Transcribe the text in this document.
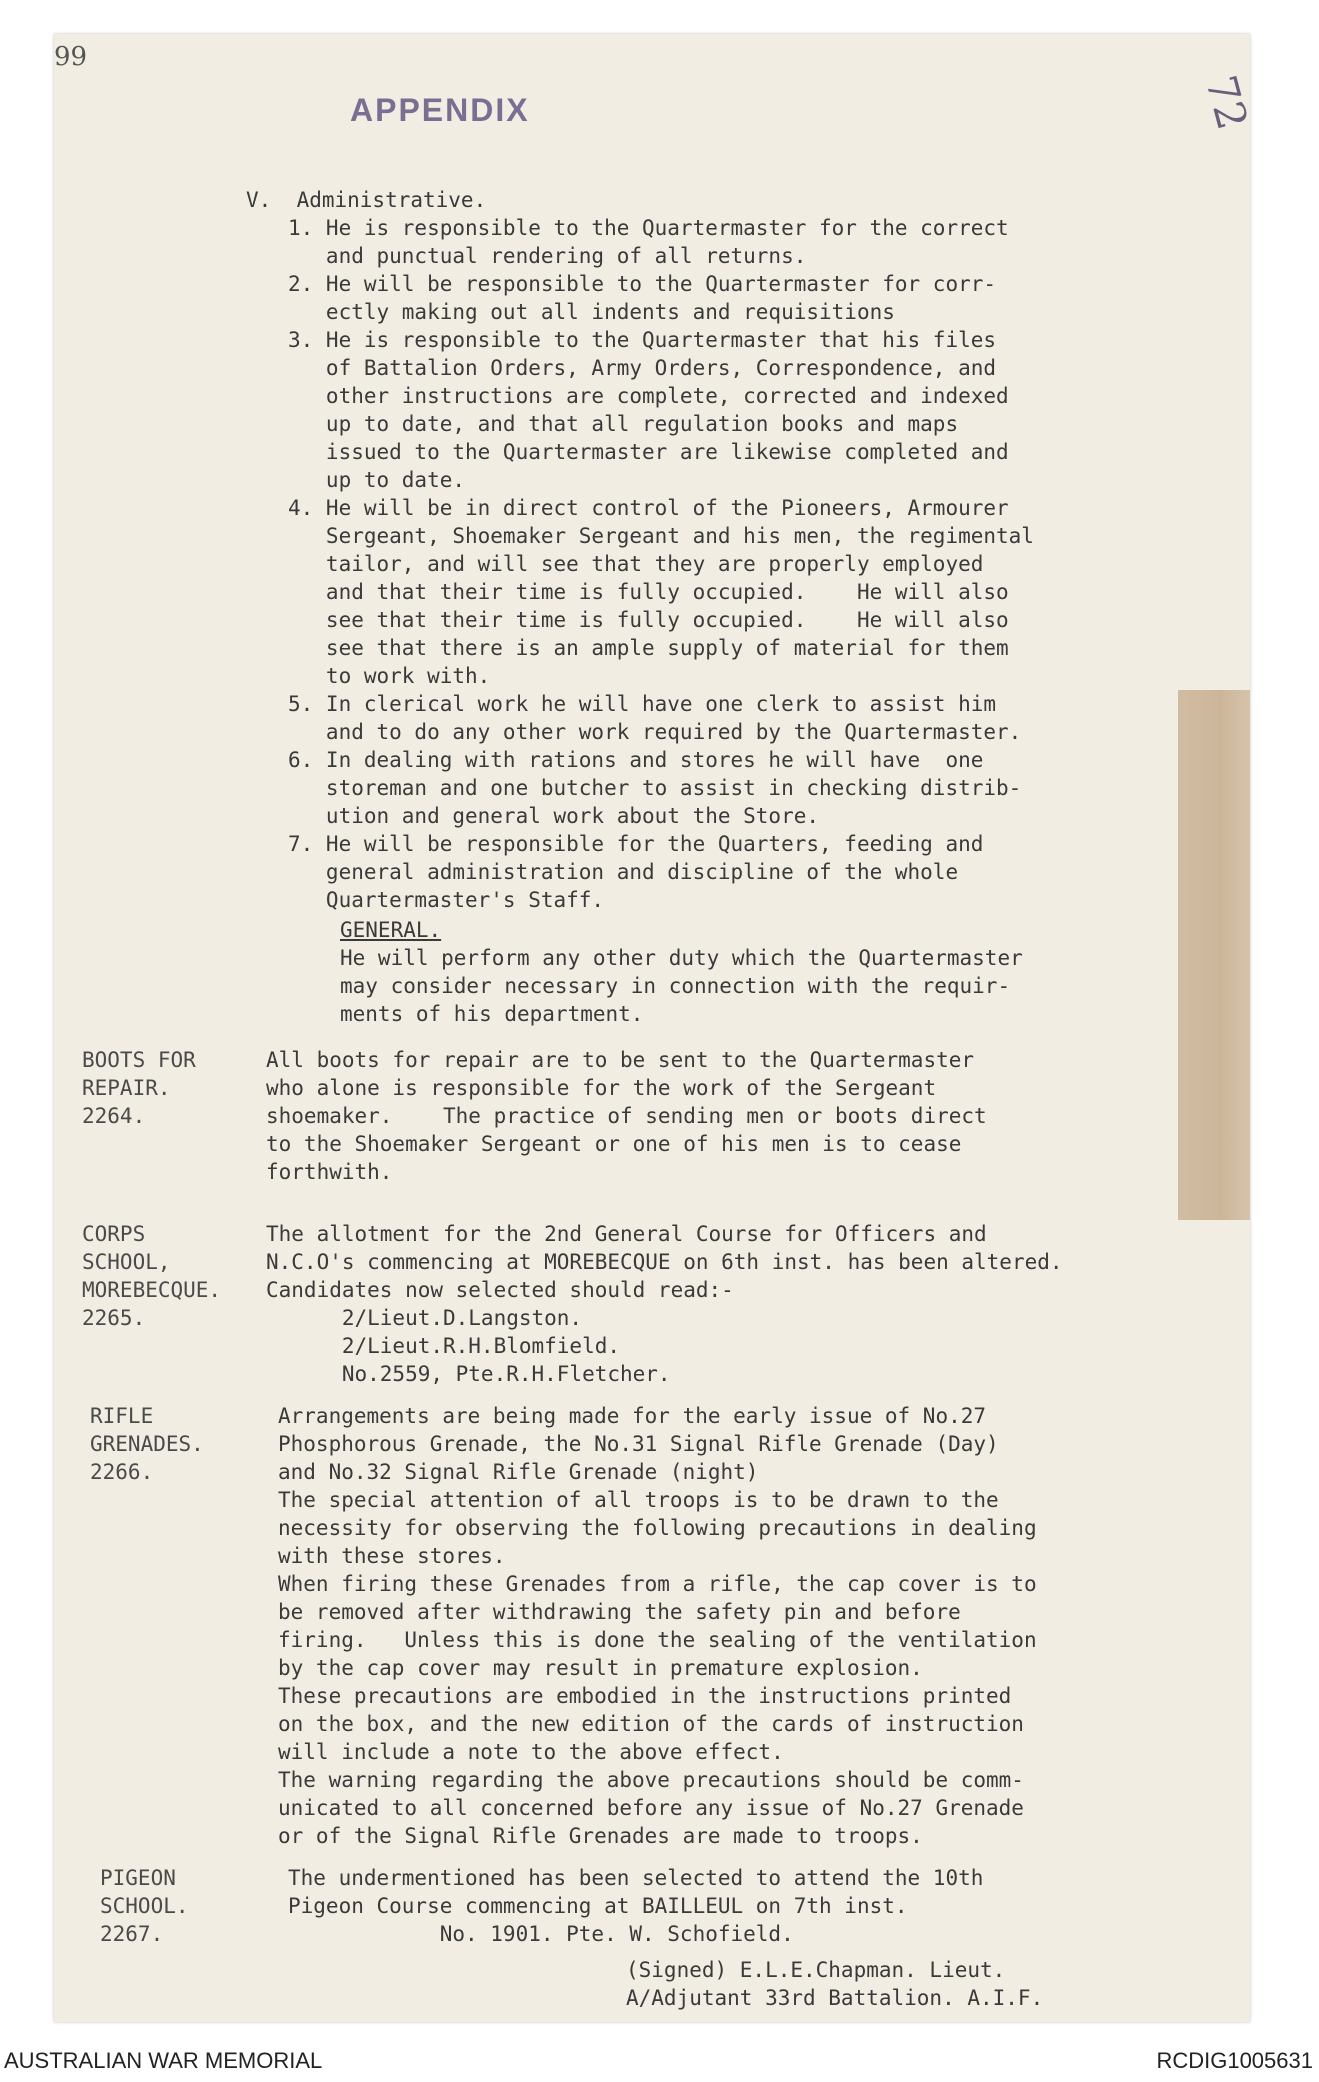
99
72
APPENDIX
V.  Administrative.
1. He is responsible to the Quartermaster for the correct
and punctual rendering of all returns.
2. He will be responsible to the Quartermaster for corr-
ectly making out all indents and requisitions
3. He is responsible to the Quartermaster that his files
of Battalion Orders, Army Orders, Correspondence, and
other instructions are complete, corrected and indexed
up to date, and that all regulation books and maps
issued to the Quartermaster are likewise completed and
up to date.
4. He will be in direct control of the Pioneers, Armourer
Sergeant, Shoemaker Sergeant and his men, the regimental
tailor, and will see that they are properly employed
and that their time is fully occupied.    He will also
see that their time is fully occupied.    He will also
see that there is an ample supply of material for them
to work with.
5. In clerical work he will have one clerk to assist him
and to do any other work required by the Quartermaster.
6. In dealing with rations and stores he will have  one
storeman and one butcher to assist in checking distrib-
ution and general work about the Store.
7. He will be responsible for the Quarters, feeding and
general administration and discipline of the whole
Quartermaster's Staff.
GENERAL.
He will perform any other duty which the Quartermaster
may consider necessary in connection with the requir-
ments of his department.
BOOTS FOR
REPAIR.
2264.
All boots for repair are to be sent to the Quartermaster
who alone is responsible for the work of the Sergeant
shoemaker.    The practice of sending men or boots direct
to the Shoemaker Sergeant or one of his men is to cease
forthwith.
CORPS
SCHOOL,
MOREBECQUE.
2265.
The allotment for the 2nd General Course for Officers and
N.C.O's commencing at MOREBECQUE on 6th inst. has been altered.
Candidates now selected should read:-
2/Lieut.D.Langston.
2/Lieut.R.H.Blomfield.
No.2559, Pte.R.H.Fletcher.
RIFLE
GRENADES.
2266.
Arrangements are being made for the early issue of No.27
Phosphorous Grenade, the No.31 Signal Rifle Grenade (Day)
and No.32 Signal Rifle Grenade (night)
The special attention of all troops is to be drawn to the
necessity for observing the following precautions in dealing
with these stores.
When firing these Grenades from a rifle, the cap cover is to
be removed after withdrawing the safety pin and before
firing.   Unless this is done the sealing of the ventilation
by the cap cover may result in premature explosion.
These precautions are embodied in the instructions printed
on the box, and the new edition of the cards of instruction
will include a note to the above effect.
The warning regarding the above precautions should be comm-
unicated to all concerned before any issue of No.27 Grenade
or of the Signal Rifle Grenades are made to troops.
PIGEON
SCHOOL.
2267.
The undermentioned has been selected to attend the 10th
Pigeon Course commencing at BAILLEUL on 7th inst.
No. 1901. Pte. W. Schofield.
(Signed) E.L.E.Chapman. Lieut.
A/Adjutant 33rd Battalion. A.I.F.
AUSTRALIAN WAR MEMORIAL	RCDIG1005631
